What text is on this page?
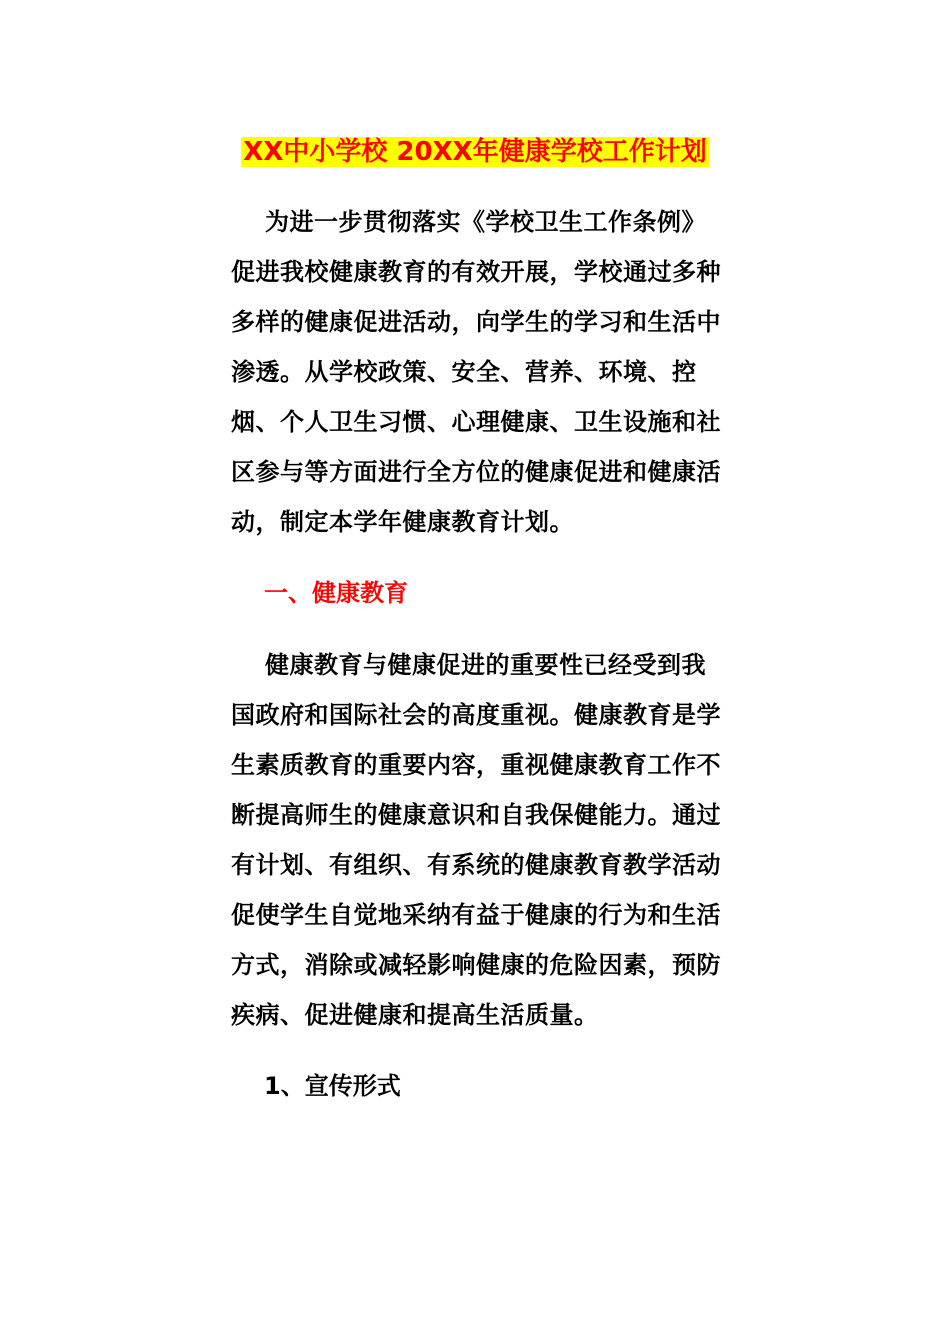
XX中小学校 20XX年健康学校工作计划

为进一步贯彻落实《学校卫生工作条例》促进我校健康教育的有效开展，学校通过多种多样的健康促进活动，向学生的学习和生活中渗透。从学校政策、安全、营养、环境、控烟、个人卫生习惯、心理健康、卫生设施和社区参与等方面进行全方位的健康促进和健康活动，制定本学年健康教育计划。

一、健康教育

健康教育与健康促进的重要性已经受到我国政府和国际社会的高度重视。健康教育是学生素质教育的重要内容，重视健康教育工作不断提高师生的健康意识和自我保健能力。通过有计划、有组织、有系统的健康教育教学活动促使学生自觉地采纳有益于健康的行为和生活方式，消除或减轻影响健康的危险因素，预防疾病、促进健康和提高生活质量。

1、宣传形式
